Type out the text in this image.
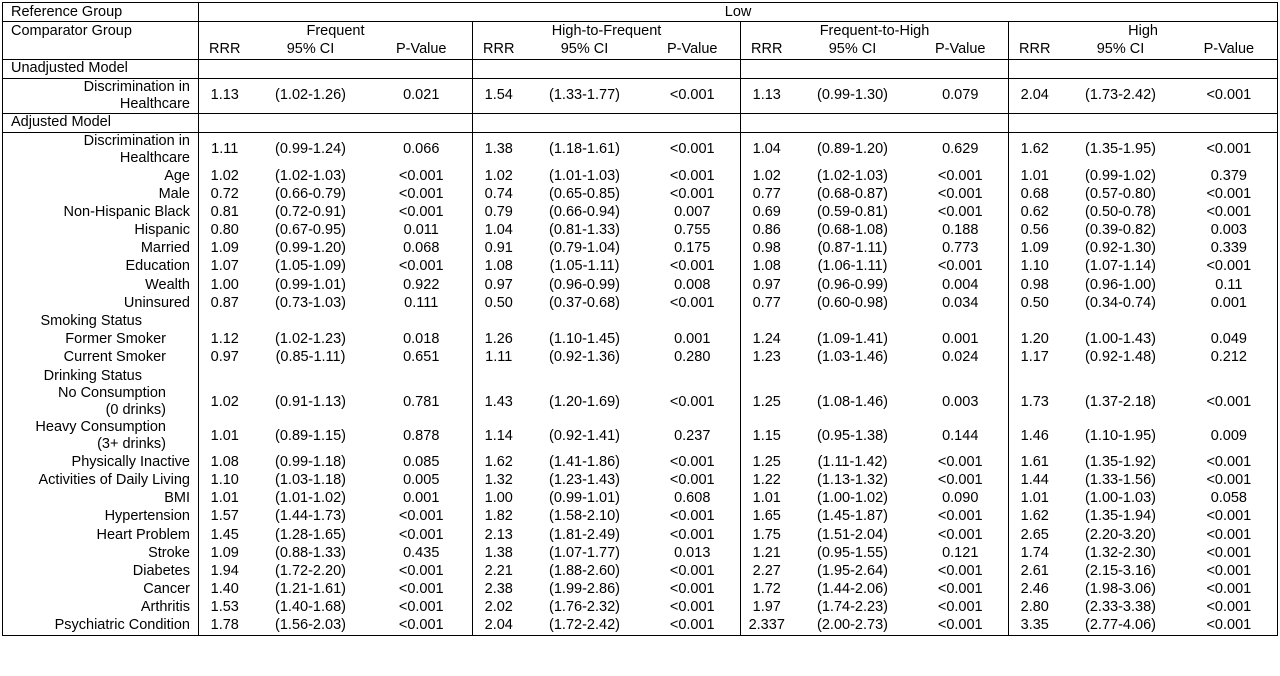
Reference Group	Low											
Comparator Group	Frequent			High-to-Frequent			Frequent-to-High			High		
	RRR	95% CI	P-Value	RRR	95% CI	P-Value	RRR	95% CI	P-Value	RRR	95% CI	P-Value
Unadjusted Model												
Discrimination in
Healthcare	1.13	(1.02-1.26)	0.021	1.54	(1.33-1.77)	<0.001	1.13	(0.99-1.30)	0.079	2.04	(1.73-2.42)	<0.001
Adjusted Model												
Discrimination in
Healthcare	1.11	(0.99-1.24)	0.066	1.38	(1.18-1.61)	<0.001	1.04	(0.89-1.20)	0.629	1.62	(1.35-1.95)	<0.001
Age	1.02	(1.02-1.03)	<0.001	1.02	(1.01-1.03)	<0.001	1.02	(1.02-1.03)	<0.001	1.01	(0.99-1.02)	0.379
Male	0.72	(0.66-0.79)	<0.001	0.74	(0.65-0.85)	<0.001	0.77	(0.68-0.87)	<0.001	0.68	(0.57-0.80)	<0.001
Non-Hispanic Black	0.81	(0.72-0.91)	<0.001	0.79	(0.66-0.94)	0.007	0.69	(0.59-0.81)	<0.001	0.62	(0.50-0.78)	<0.001
Hispanic	0.80	(0.67-0.95)	0.011	1.04	(0.81-1.33)	0.755	0.86	(0.68-1.08)	0.188	0.56	(0.39-0.82)	0.003
Married	1.09	(0.99-1.20)	0.068	0.91	(0.79-1.04)	0.175	0.98	(0.87-1.11)	0.773	1.09	(0.92-1.30)	0.339
Education	1.07	(1.05-1.09)	<0.001	1.08	(1.05-1.11)	<0.001	1.08	(1.06-1.11)	<0.001	1.10	(1.07-1.14)	<0.001
Wealth	1.00	(0.99-1.01)	0.922	0.97	(0.96-0.99)	0.008	0.97	(0.96-0.99)	0.004	0.98	(0.96-1.00)	0.11
Uninsured	0.87	(0.73-1.03)	0.111	0.50	(0.37-0.68)	<0.001	0.77	(0.60-0.98)	0.034	0.50	(0.34-0.74)	0.001
Smoking Status												
Former Smoker	1.12	(1.02-1.23)	0.018	1.26	(1.10-1.45)	0.001	1.24	(1.09-1.41)	0.001	1.20	(1.00-1.43)	0.049
Current Smoker	0.97	(0.85-1.11)	0.651	1.11	(0.92-1.36)	0.280	1.23	(1.03-1.46)	0.024	1.17	(0.92-1.48)	0.212
Drinking Status												
No Consumption
(0 drinks)	1.02	(0.91-1.13)	0.781	1.43	(1.20-1.69)	<0.001	1.25	(1.08-1.46)	0.003	1.73	(1.37-2.18)	<0.001
Heavy Consumption
(3+ drinks)	1.01	(0.89-1.15)	0.878	1.14	(0.92-1.41)	0.237	1.15	(0.95-1.38)	0.144	1.46	(1.10-1.95)	0.009
Physically Inactive	1.08	(0.99-1.18)	0.085	1.62	(1.41-1.86)	<0.001	1.25	(1.11-1.42)	<0.001	1.61	(1.35-1.92)	<0.001
Activities of Daily Living	1.10	(1.03-1.18)	0.005	1.32	(1.23-1.43)	<0.001	1.22	(1.13-1.32)	<0.001	1.44	(1.33-1.56)	<0.001
BMI	1.01	(1.01-1.02)	0.001	1.00	(0.99-1.01)	0.608	1.01	(1.00-1.02)	0.090	1.01	(1.00-1.03)	0.058
Hypertension	1.57	(1.44-1.73)	<0.001	1.82	(1.58-2.10)	<0.001	1.65	(1.45-1.87)	<0.001	1.62	(1.35-1.94)	<0.001
Heart Problem	1.45	(1.28-1.65)	<0.001	2.13	(1.81-2.49)	<0.001	1.75	(1.51-2.04)	<0.001	2.65	(2.20-3.20)	<0.001
Stroke	1.09	(0.88-1.33)	0.435	1.38	(1.07-1.77)	0.013	1.21	(0.95-1.55)	0.121	1.74	(1.32-2.30)	<0.001
Diabetes	1.94	(1.72-2.20)	<0.001	2.21	(1.88-2.60)	<0.001	2.27	(1.95-2.64)	<0.001	2.61	(2.15-3.16)	<0.001
Cancer	1.40	(1.21-1.61)	<0.001	2.38	(1.99-2.86)	<0.001	1.72	(1.44-2.06)	<0.001	2.46	(1.98-3.06)	<0.001
Arthritis	1.53	(1.40-1.68)	<0.001	2.02	(1.76-2.32)	<0.001	1.97	(1.74-2.23)	<0.001	2.80	(2.33-3.38)	<0.001
Psychiatric Condition	1.78	(1.56-2.03)	<0.001	2.04	(1.72-2.42)	<0.001	2.337	(2.00-2.73)	<0.001	3.35	(2.77-4.06)	<0.001
